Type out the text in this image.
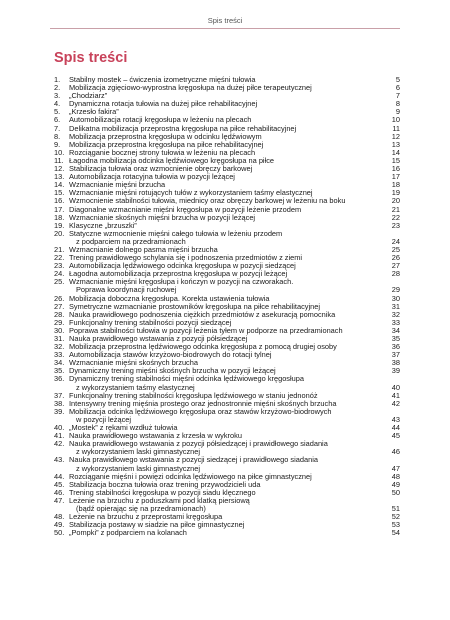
Spis treści
Spis treści
1.	Stabilny mostek – ćwiczenia izometryczne mięśni tułowia	5
2.	Mobilizacja zgięciowo-wyprostna kręgosłupa na dużej piłce terapeutycznej	6
3.	„Chodziarz”	7
4.	Dynamiczna rotacja tułowia na dużej piłce rehabilitacyjnej	8
5.	„Krzesło fakira”	9
6.	Automobilizacja rotacji kręgosłupa w leżeniu na plecach	10
7.	Delikatna mobilizacja przeprostna kręgosłupa na piłce rehabilitacyjnej	11
8.	Mobilizacja przeprostna kręgosłupa w odcinku lędźwiowym	12
9.	Mobilizacja przeprostna kręgosłupa na piłce rehabilitacyjnej	13
10. Rozciąganie bocznej strony tułowia w leżeniu na plecach	14
11. Łagodna mobilizacja odcinka lędźwiowego kręgosłupa na piłce	15
12. Stabilizacja tułowia oraz wzmocnienie obręczy barkowej	16
13. Automobilizacja rotacyjna tułowia w pozycji leżącej	17
14. Wzmacnianie mięśni brzucha	18
15. Wzmacnianie mięśni rotujących tułów z wykorzystaniem taśmy elastycznej	19
16. Wzmocnienie stabilności tułowia, miednicy oraz obręczy barkowej w leżeniu na boku	20
17. Diagonalne wzmacnianie mięśni kręgosłupa w pozycji leżenie przodem	21
18. Wzmacnianie skośnych mięśni brzucha w pozycji leżącej	22
19. Klasyczne „brzuszki”	23
20. Statyczne wzmocnienie mięśni całego tułowia w leżeniu przodem
z podparciem na przedramionach	24
21. Wzmacnianie dolnego pasma mięśni brzucha	25
22. Trening prawidłowego schylania się i podnoszenia przedmiotów z ziemi	26
23. Automobilizacja lędźwiowego odcinka kręgosłupa w pozycji siedzącej	27
24. Łagodna automobilizacja przeprostna kręgosłupa w pozycji leżącej	28
25. Wzmacnianie mięśni kręgosłupa i kończyn w pozycji na czworakach.
Poprawa koordynacji ruchowej	29
26. Mobilizacja doboczna kręgosłupa. Korekta ustawienia tułowia	30
27. Symetryczne wzmacnianie prostowników kręgosłupa na piłce rehabilitacyjnej	31
28. Nauka prawidłowego podnoszenia ciężkich przedmiotów z asekuracją pomocnika	32
29. Funkcjonalny trening stabilności pozycji siedzącej	33
30. Poprawa stabilności tułowia w pozycji leżenia tyłem w podporze na przedramionach	34
31. Nauka prawidłowego wstawania z pozycji półsiedzącej	35
32. Mobilizacja przeprostna lędźwiowego odcinka kręgosłupa z pomocą drugiej osoby	36
33. Automobilizacja stawów krzyżowo-biodrowych do rotacji tylnej	37
34. Wzmacnianie mięśni skośnych brzucha	38
35. Dynamiczny trening mięśni skośnych brzucha w pozycji leżącej	39
36. Dynamiczny trening stabilności mięśni odcinka lędźwiowego kręgosłupa
z wykorzystaniem taśmy elastycznej	40
37. Funkcjonalny trening stabilności kręgosłupa lędźwiowego w staniu jednonóż	41
38. Intensywny trening mięśnia prostego oraz jednostronnie mięśni skośnych brzucha	42
39. Mobilizacja odcinka lędźwiowego kręgosłupa oraz stawów krzyżowo-biodrowych
w pozycji leżącej	43
40. „Mostek” z rękami wzdłuż tułowia	44
41. Nauka prawidłowego wstawania z krzesła w wykroku	45
42. Nauka prawidłowego wstawania z pozycji półsiedzącej i prawidłowego siadania
z wykorzystaniem laski gimnastycznej	46
43. Nauka prawidłowego wstawania z pozycji siedzącej i prawidłowego siadania
z wykorzystaniem laski gimnastycznej	47
44. Rozciąganie mięśni i powięzi odcinka lędźwiowego na piłce gimnastycznej	48
45. Stabilizacja boczna tułowia oraz trening przywodzicieli uda	49
46. Trening stabilności kręgosłupa w pozycji siadu klęcznego	50
47. Leżenie na brzuchu z poduszkami pod klatką piersiową
(bądź opierając się na przedramionach)	51
48. Leżenie na brzuchu z przeprostami kręgosłupa	52
49. Stabilizacja postawy w siadzie na piłce gimnastycznej	53
50. „Pompki” z podparciem na kolanach	54
